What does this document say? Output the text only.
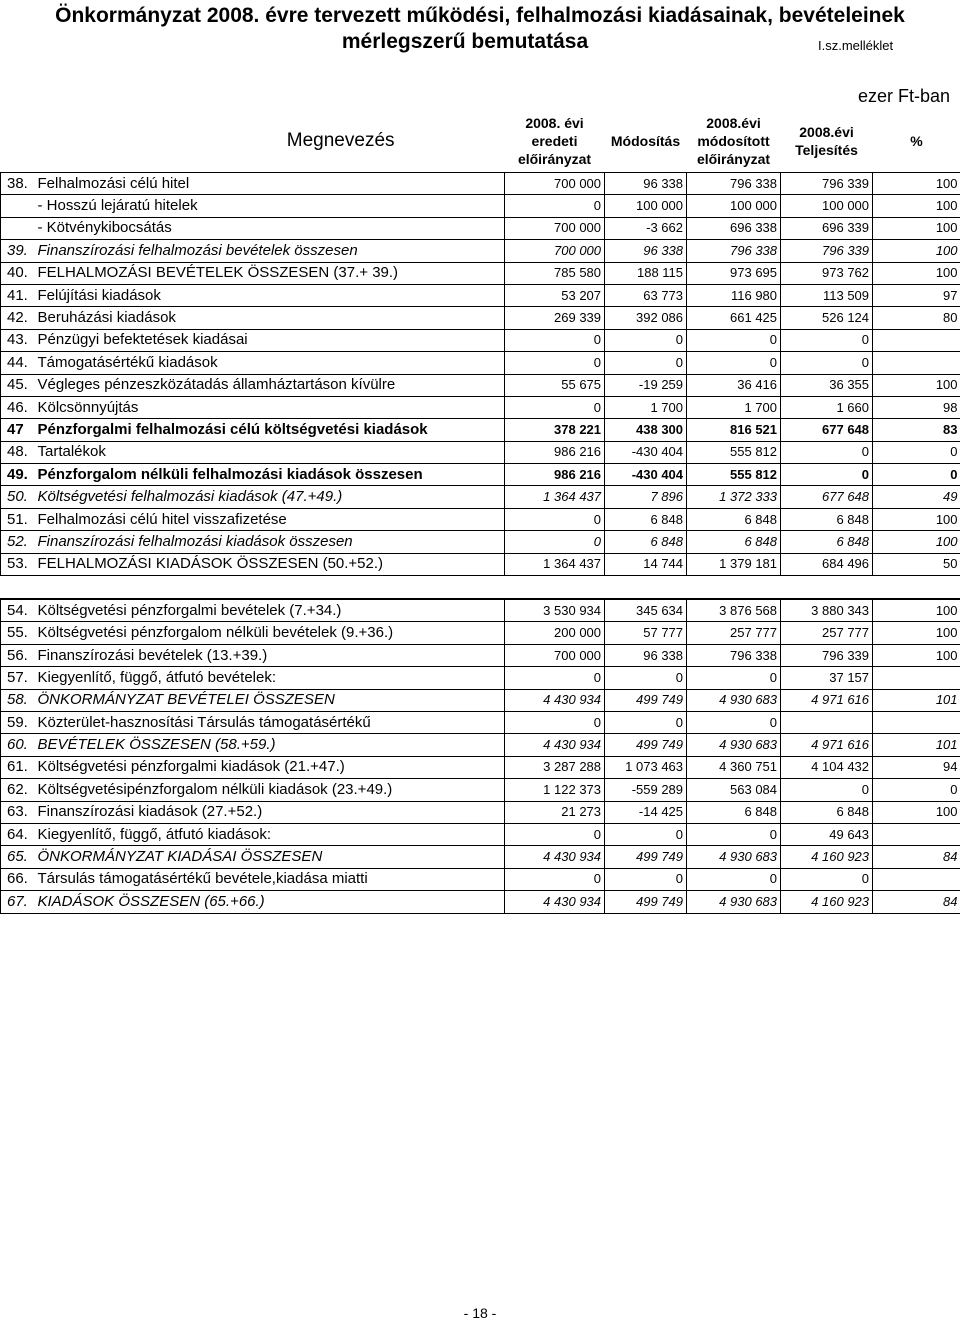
Önkormányzat 2008. évre tervezett működési, felhalmozási kiadásainak, bevételeinek
mérlegszerű bemutatása	I.sz.melléklet
ezer Ft-ban
Megnevezés		2008. évi eredeti előirányzat	Módosítás	2008.évi módosított előirányzat	2008.évi Teljesítés	%
38.	Felhalmozási célú hitel	700 000	96 338	796 338	796 339	100
	- Hosszú lejáratú hitelek	0	100 000	100 000	100 000	100
	- Kötvénykibocsátás	700 000	-3 662	696 338	696 339	100
39.	Finanszírozási felhalmozási bevételek összesen	700 000	96 338	796 338	796 339	100
40.	FELHALMOZÁSI BEVÉTELEK ÖSSZESEN (37.+ 39.)	785 580	188 115	973 695	973 762	100
41.	Felújítási kiadások	53 207	63 773	116 980	113 509	97
42.	Beruházási kiadások	269 339	392 086	661 425	526 124	80
43.	Pénzügyi befektetések kiadásai	0	0	0	0	
44.	Támogatásértékű kiadások	0	0	0	0	
45.	Végleges pénzeszközátadás államháztartáson kívülre	55 675	-19 259	36 416	36 355	100
46.	Kölcsönnyújtás	0	1 700	1 700	1 660	98
47	Pénzforgalmi felhalmozási célú költségvetési kiadások	378 221	438 300	816 521	677 648	83
48.	Tartalékok	986 216	-430 404	555 812	0	0
49.	Pénzforgalom nélküli felhalmozási kiadások összesen	986 216	-430 404	555 812	0	0
50.	Költségvetési felhalmozási kiadások (47.+49.)	1 364 437	7 896	1 372 333	677 648	49
51.	Felhalmozási célú hitel visszafizetése	0	6 848	6 848	6 848	100
52.	Finanszírozási felhalmozási kiadások összesen	0	6 848	6 848	6 848	100
53.	FELHALMOZÁSI KIADÁSOK ÖSSZESEN (50.+52.)	1 364 437	14 744	1 379 181	684 496	50

54.	Költségvetési pénzforgalmi bevételek (7.+34.)	3 530 934	345 634	3 876 568	3 880 343	100
55.	Költségvetési pénzforgalom nélküli bevételek (9.+36.)	200 000	57 777	257 777	257 777	100
56.	Finanszírozási bevételek (13.+39.)	700 000	96 338	796 338	796 339	100
57.	Kiegyenlítő, függő, átfutó bevételek:	0	0	0	37 157	
58.	ÖNKORMÁNYZAT BEVÉTELEI ÖSSZESEN	4 430 934	499 749	4 930 683	4 971 616	101
59.	Közterület-hasznosítási Társulás támogatásértékű	0	0	0		
60.	BEVÉTELEK ÖSSZESEN (58.+59.)	4 430 934	499 749	4 930 683	4 971 616	101
61.	Költségvetési pénzforgalmi kiadások (21.+47.)	3 287 288	1 073 463	4 360 751	4 104 432	94
62.	Költségvetésipénzforgalom nélküli kiadások (23.+49.)	1 122 373	-559 289	563 084	0	0
63.	Finanszírozási kiadások (27.+52.)	21 273	-14 425	6 848	6 848	100
64.	Kiegyenlítő, függő, átfutó kiadások:	0	0	0	49 643	
65.	ÖNKORMÁNYZAT KIADÁSAI ÖSSZESEN	4 430 934	499 749	4 930 683	4 160 923	84
66.	Társulás támogatásértékű bevétele,kiadása miatti	0	0	0	0	
67.	KIADÁSOK ÖSSZESEN (65.+66.)	4 430 934	499 749	4 930 683	4 160 923	84
- 18 -
